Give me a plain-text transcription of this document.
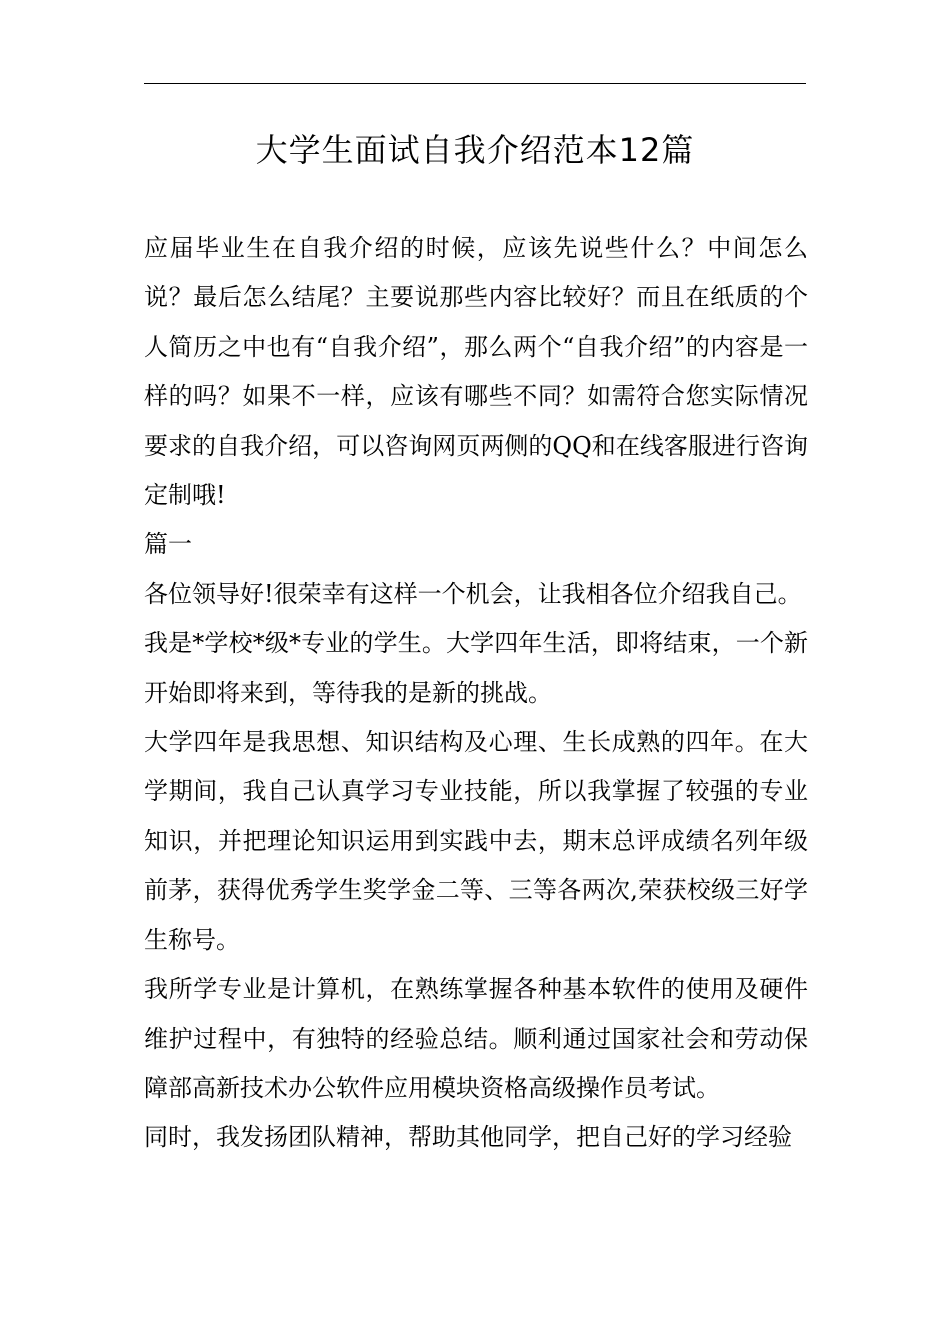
大学生面试自我介绍范本12篇

应届毕业生在自我介绍的时候，应该先说些什么？中间怎么说？最后怎么结尾？主要说那些内容比较好？而且在纸质的个人简历之中也有“自我介绍”，那么两个“自我介绍”的内容是一样的吗？如果不一样，应该有哪些不同？如需符合您实际情况要求的自我介绍，可以咨询网页两侧的QQ和在线客服进行咨询定制哦!

篇一

各位领导好!很荣幸有这样一个机会，让我相各位介绍我自己。

我是*学校*级*专业的学生。大学四年生活，即将结束，一个新开始即将来到，等待我的是新的挑战。

大学四年是我思想、知识结构及心理、生长成熟的四年。在大学期间，我自己认真学习专业技能，所以我掌握了较强的专业知识，并把理论知识运用到实践中去，期末总评成绩名列年级前茅，获得优秀学生奖学金二等、三等各两次,荣获校级三好学生称号。

我所学专业是计算机，在熟练掌握各种基本软件的使用及硬件维护过程中，有独特的经验总结。顺利通过国家社会和劳动保障部高新技术办公软件应用模块资格高级操作员考试。

同时，我发扬团队精神，帮助其他同学，把自己好的学习经验
